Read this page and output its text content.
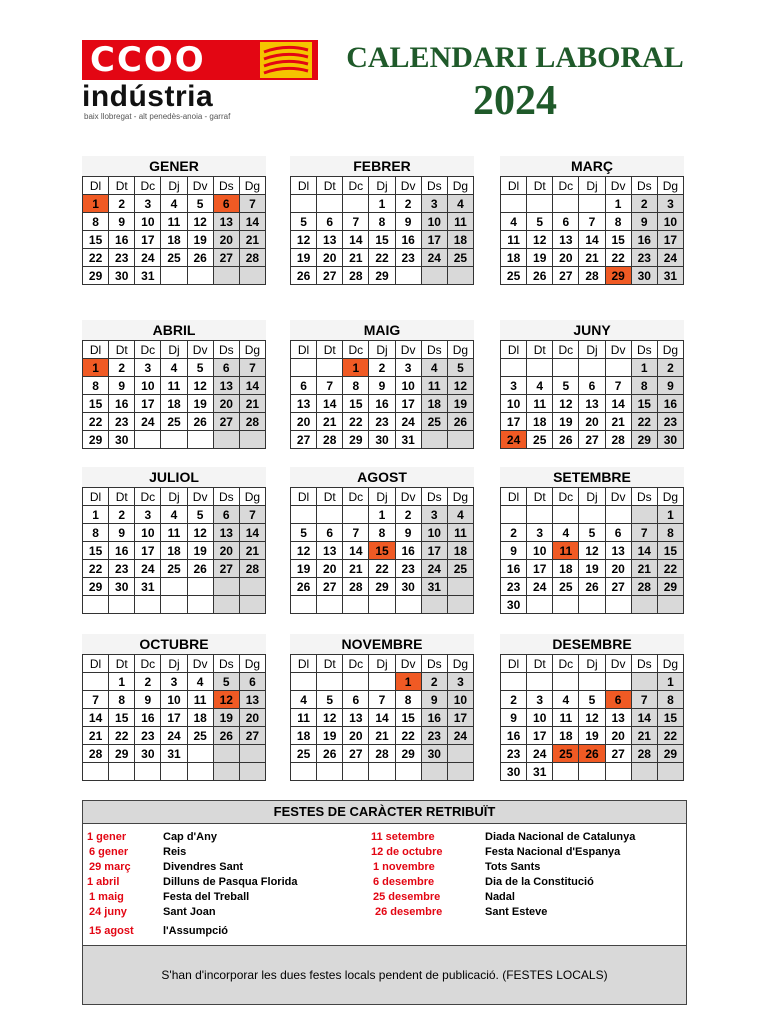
CCOO
indústria
baix llobregat - alt penedès-anoia - garraf
CALENDARI LABORAL
2024
GENER
Dl	Dt	Dc	Dj	Dv	Ds	Dg
1	2	3	4	5	6	7
8	9	10	11	12	13	14
15	16	17	18	19	20	21
22	23	24	25	26	27	28
29	30	31				
FEBRER
Dl	Dt	Dc	Dj	Dv	Ds	Dg
			1	2	3	4
5	6	7	8	9	10	11
12	13	14	15	16	17	18
19	20	21	22	23	24	25
26	27	28	29			
MARÇ
Dl	Dt	Dc	Dj	Dv	Ds	Dg
				1	2	3
4	5	6	7	8	9	10
11	12	13	14	15	16	17
18	19	20	21	22	23	24
25	26	27	28	29	30	31
ABRIL
Dl	Dt	Dc	Dj	Dv	Ds	Dg
1	2	3	4	5	6	7
8	9	10	11	12	13	14
15	16	17	18	19	20	21
22	23	24	25	26	27	28
29	30					
MAIG
Dl	Dt	Dc	Dj	Dv	Ds	Dg
		1	2	3	4	5
6	7	8	9	10	11	12
13	14	15	16	17	18	19
20	21	22	23	24	25	26
27	28	29	30	31		
JUNY
Dl	Dt	Dc	Dj	Dv	Ds	Dg
					1	2
3	4	5	6	7	8	9
10	11	12	13	14	15	16
17	18	19	20	21	22	23
24	25	26	27	28	29	30
JULIOL
Dl	Dt	Dc	Dj	Dv	Ds	Dg
1	2	3	4	5	6	7
8	9	10	11	12	13	14
15	16	17	18	19	20	21
22	23	24	25	26	27	28
29	30	31				

AGOST
Dl	Dt	Dc	Dj	Dv	Ds	Dg
			1	2	3	4
5	6	7	8	9	10	11
12	13	14	15	16	17	18
19	20	21	22	23	24	25
26	27	28	29	30	31	

SETEMBRE
Dl	Dt	Dc	Dj	Dv	Ds	Dg
						1
2	3	4	5	6	7	8
9	10	11	12	13	14	15
16	17	18	19	20	21	22
23	24	25	26	27	28	29
30						
OCTUBRE
Dl	Dt	Dc	Dj	Dv	Ds	Dg
	1	2	3	4	5	6
7	8	9	10	11	12	13
14	15	16	17	18	19	20
21	22	23	24	25	26	27
28	29	30	31			

NOVEMBRE
Dl	Dt	Dc	Dj	Dv	Ds	Dg
				1	2	3
4	5	6	7	8	9	10
11	12	13	14	15	16	17
18	19	20	21	22	23	24
25	26	27	28	29	30	

DESEMBRE
Dl	Dt	Dc	Dj	Dv	Ds	Dg
						1
2	3	4	5	6	7	8
9	10	11	12	13	14	15
16	17	18	19	20	21	22
23	24	25	26	27	28	29
30	31					
FESTES DE CARÀCTER RETRIBUÏT
1 gener	Cap d'Any
6 gener	Reis
29 març	Divendres Sant
1 abril	Dilluns de Pasqua Florida
1 maig	Festa del Treball
24 juny	Sant Joan
15 agost	l'Assumpció
11 setembre	Diada Nacional de Catalunya
12 de octubre	Festa Nacional d'Espanya
1 novembre	Tots Sants
6 desembre	Dia de la Constitució
25 desembre	Nadal
26 desembre	Sant Esteve
S'han d'incorporar les dues festes locals pendent de publicació. (FESTES LOCALS)
